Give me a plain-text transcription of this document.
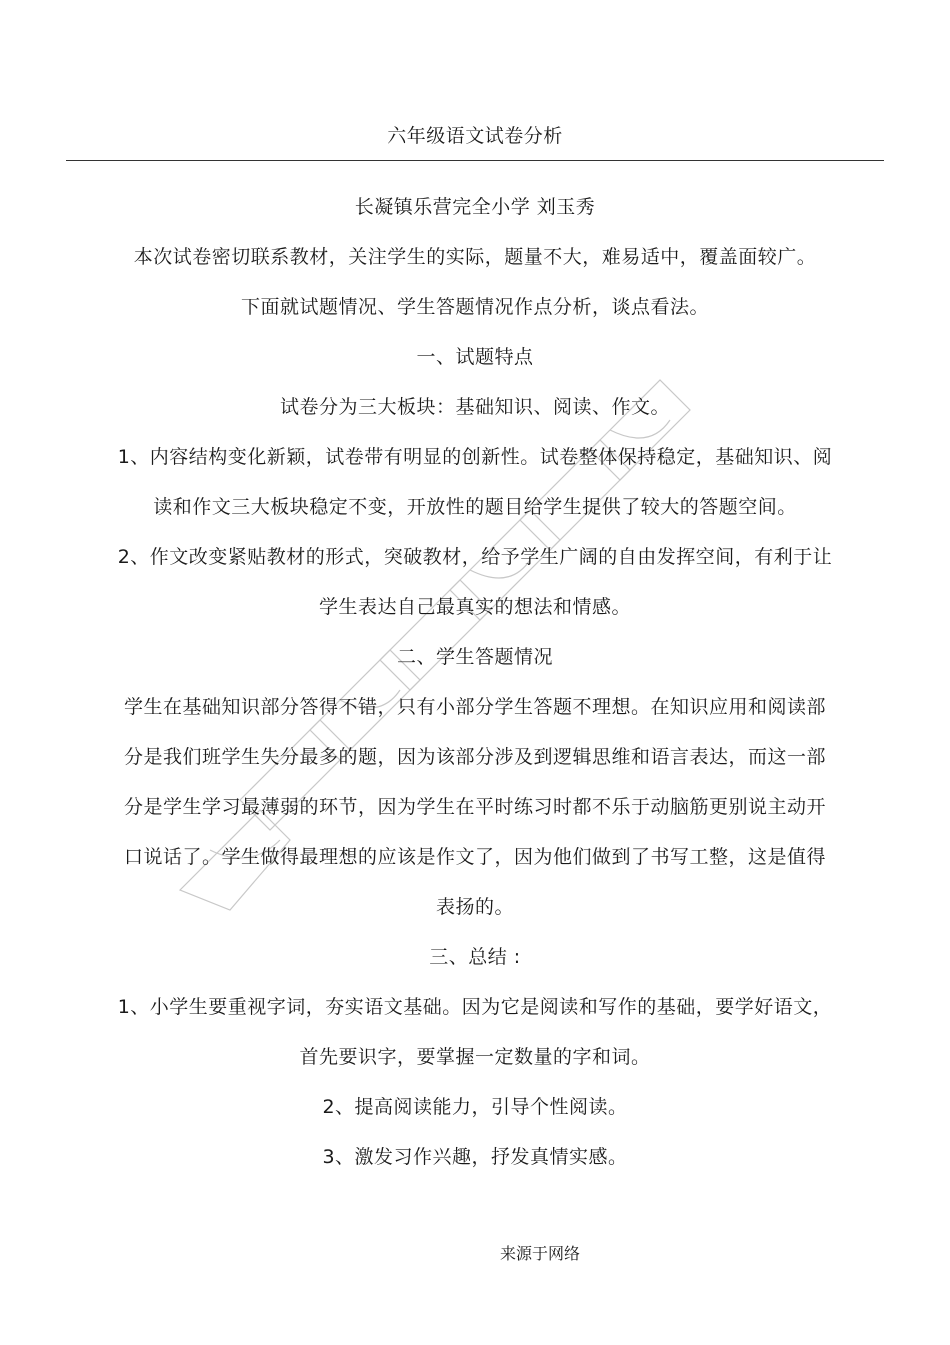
六年级语文试卷分析
长凝镇乐营完全小学 刘玉秀
本次试卷密切联系教材，关注学生的实际，题量不大，难易适中，覆盖面较广。
下面就试题情况、学生答题情况作点分析，谈点看法。
一、试题特点
试卷分为三大板块：基础知识、阅读、作文。
1、内容结构变化新颖，试卷带有明显的创新性。试卷整体保持稳定，基础知识、阅
读和作文三大板块稳定不变，开放性的题目给学生提供了较大的答题空间。
2、作文改变紧贴教材的形式，突破教材，给予学生广阔的自由发挥空间，有利于让
学生表达自己最真实的想法和情感。
二、学生答题情况
学生在基础知识部分答得不错，只有小部分学生答题不理想。在知识应用和阅读部
分是我们班学生失分最多的题，因为该部分涉及到逻辑思维和语言表达，而这一部
分是学生学习最薄弱的环节，因为学生在平时练习时都不乐于动脑筋更别说主动开
口说话了。学生做得最理想的应该是作文了，因为他们做到了书写工整，这是值得
表扬的。
三、总结 :
1、小学生要重视字词，夯实语文基础。因为它是阅读和写作的基础，要学好语文，
首先要识字，要掌握一定数量的字和词。
2、提高阅读能力，引导个性阅读。
3、激发习作兴趣，抒发真情实感。
来源于网络
